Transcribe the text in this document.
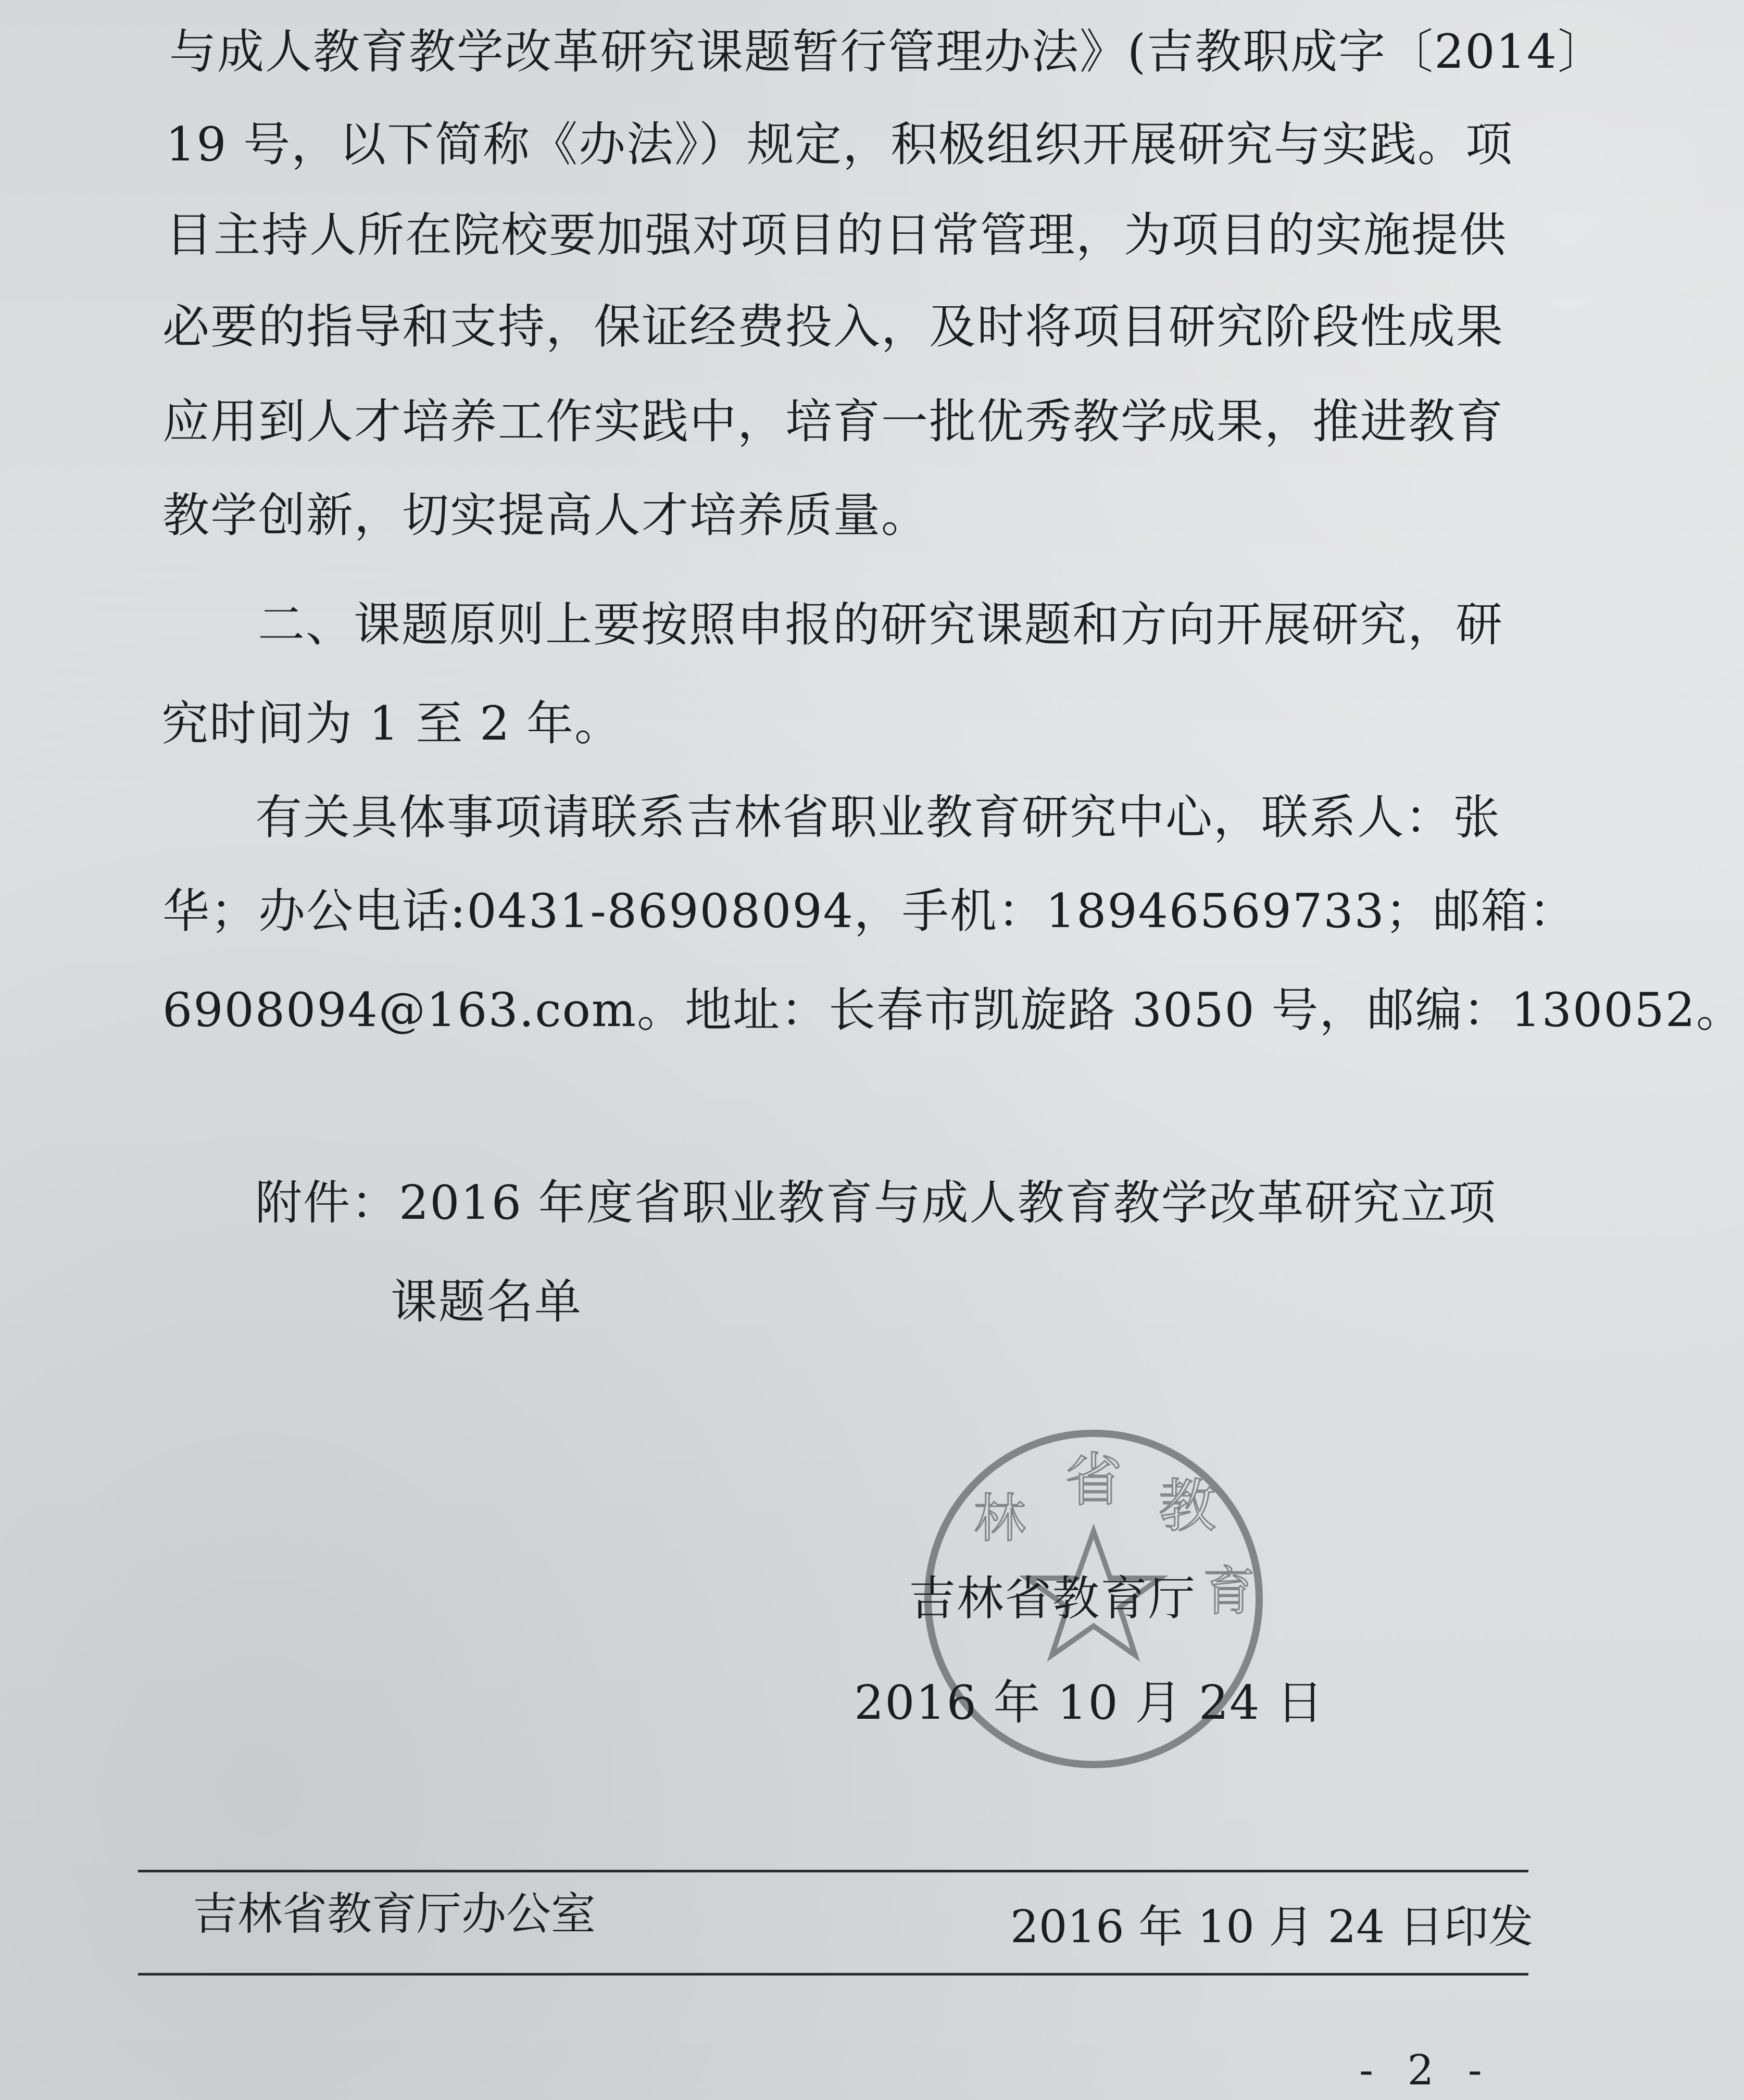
与成人教育教学改革研究课题暂行管理办法》(吉教职成字〔2014〕
19 号，以下简称《办法》）规定，积极组织开展研究与实践。项
目主持人所在院校要加强对项目的日常管理，为项目的实施提供
必要的指导和支持，保证经费投入，及时将项目研究阶段性成果
应用到人才培养工作实践中，培育一批优秀教学成果，推进教育
教学创新，切实提高人才培养质量。
二、课题原则上要按照申报的研究课题和方向开展研究，研
究时间为 1 至 2 年。
有关具体事项请联系吉林省职业教育研究中心，联系人：张
华；办公电话:0431-86908094，手机：18946569733；邮箱：
6908094@163.com。地址：长春市凯旋路 3050 号，邮编：130052。
附件：2016 年度省职业教育与成人教育教学改革研究立项
课题名单
省 教
林
育
吉林省教育厅
2016 年 10 月 24 日
吉林省教育厅办公室	2016 年 10 月 24 日印发
- 2 -
